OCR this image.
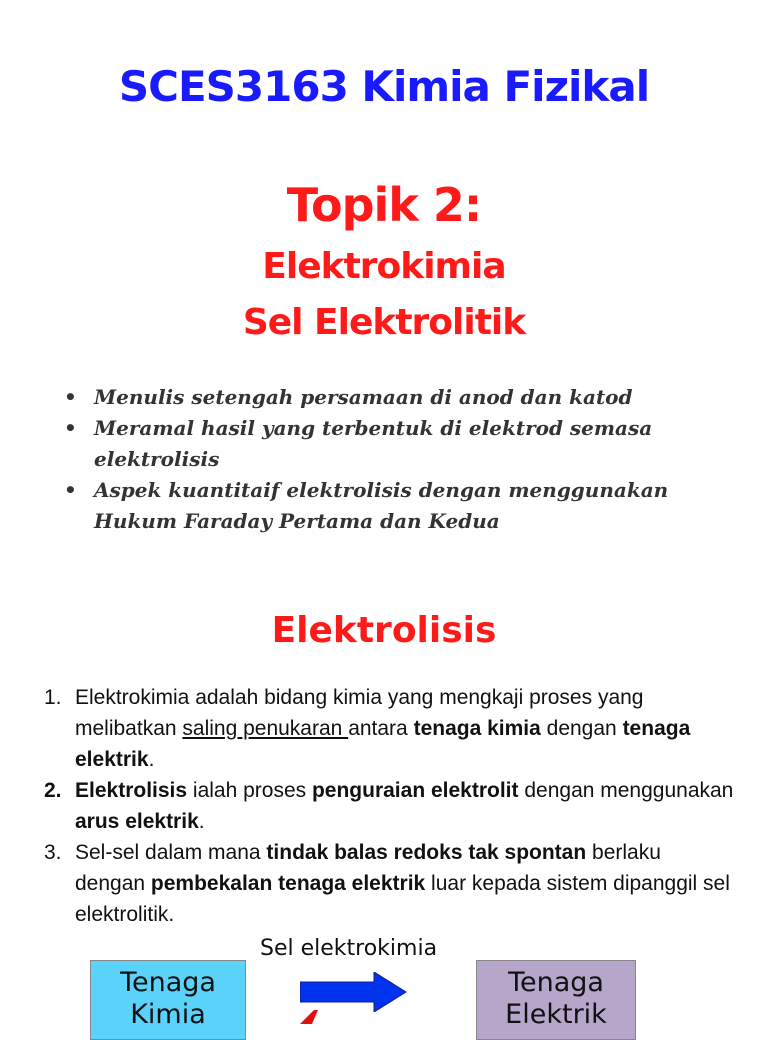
SCES3163 Kimia Fizikal
Topik 2:
Elektrokimia
Sel Elektrolitik
• Menulis setengah persamaan di anod dan katod
• Meramal hasil yang terbentuk di elektrod semasa elektrolisis
• Aspek kuantitaif elektrolisis dengan menggunakan Hukum Faraday Pertama dan Kedua
Elektrolisis
1. Elektrokimia adalah bidang kimia yang mengkaji proses yang melibatkan saling penukaran antara tenaga kimia dengan tenaga elektrik.
2. Elektrolisis ialah proses penguraian elektrolit dengan menggunakan arus elektrik.
3. Sel-sel dalam mana tindak balas redoks tak spontan berlaku dengan pembekalan tenaga elektrik luar kepada sistem dipanggil sel elektrolitik.

Sel elektrokimia

Tenaga
Kimia
Tenaga
Elektrik
